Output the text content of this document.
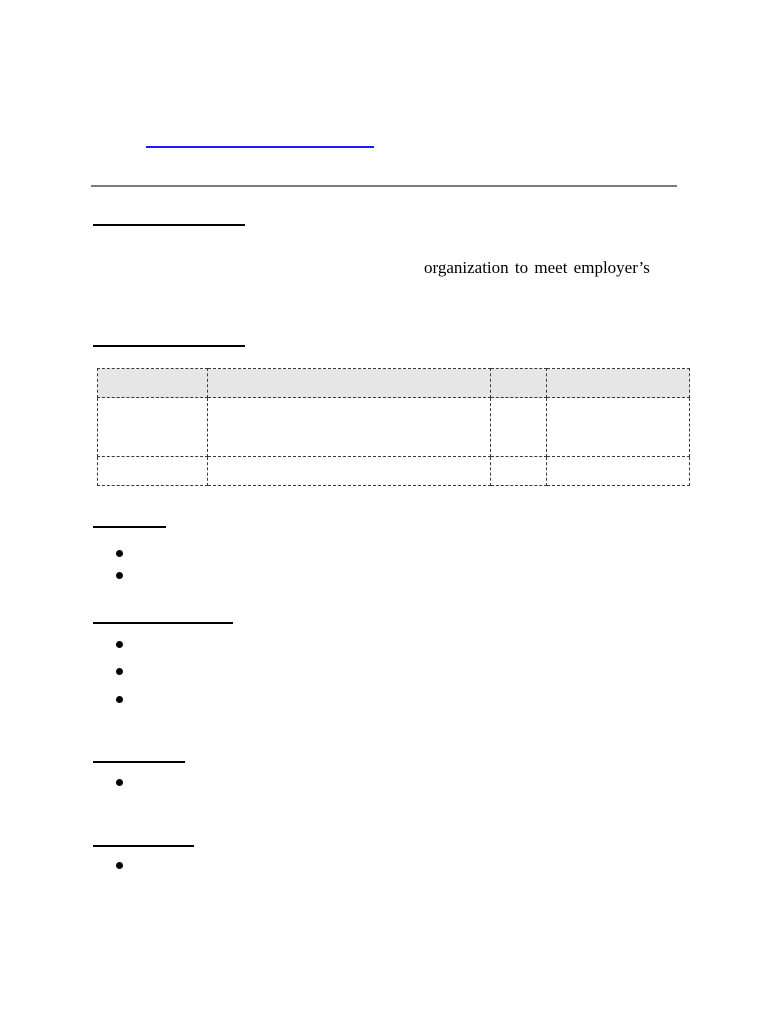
organization to meet employer’s
